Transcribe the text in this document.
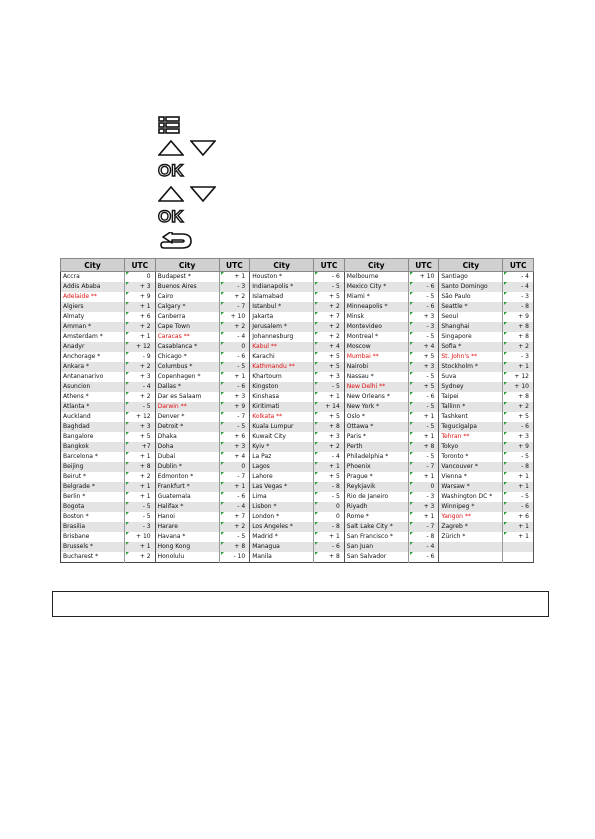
OK
OK
City	UTC	City	UTC	City	UTC	City	UTC	City	UTC
Accra	0	Budapest *	+ 1	Houston *	- 6	Melbourne	+ 10	Santiago	- 4
Addis Ababa	+ 3	Buenos Aires	- 3	Indianapolis *	- 5	Mexico City *	- 6	Santo Domingo	- 4
Adelaide **	+ 9	Cairo	+ 2	Islamabad	+ 5	Miami *	- 5	São Paulo	- 3
Algiers	+ 1	Calgary *	- 7	Istanbul *	+ 2	Minneapolis *	- 6	Seattle *	- 8
Almaty	+ 6	Canberra	+ 10	Jakarta	+ 7	Minsk	+ 3	Seoul	+ 9
Amman *	+ 2	Cape Town	+ 2	Jerusalem *	+ 2	Montevideo	- 3	Shanghai	+ 8
Amsterdam *	+ 1	Caracas **	- 4	Johannesburg	+ 2	Montreal *	- 5	Singapore	+ 8
Anadyr	+ 12	Casablanca *	0	Kabul **	+ 4	Moscow	+ 4	Sofia *	+ 2
Anchorage *	- 9	Chicago *	- 6	Karachi	+ 5	Mumbai **	+ 5	St. John's **	- 3
Ankara *	+ 2	Columbus *	- 5	Kathmandu **	+ 5	Nairobi	+ 3	Stockholm *	+ 1
Antananarivo	+ 3	Copenhagen *	+ 1	Khartoum	+ 3	Nassau *	- 5	Suva	+ 12
Asuncion	- 4	Dallas *	- 6	Kingston	- 5	New Delhi **	+ 5	Sydney	+ 10
Athens *	+ 2	Dar es Salaam	+ 3	Kinshasa	+ 1	New Orleans *	- 6	Taipei	+ 8
Atlanta *	- 5	Darwin **	+ 9	Kiritimati	+ 14	New York *	- 5	Tallinn *	+ 2
Auckland	+ 12	Denver *	- 7	Kolkata **	+ 5	Oslo *	+ 1	Tashkent	+ 5
Baghdad	+ 3	Detroit *	- 5	Kuala Lumpur	+ 8	Ottawa *	- 5	Tegucigalpa	- 6
Bangalore	+ 5	Dhaka	+ 6	Kuwait City	+ 3	Paris *	+ 1	Tehran **	+ 3
Bangkok	+7	Doha	+ 3	Kyiv *	+ 2	Perth	+ 8	Tokyo	+ 9
Barcelona *	+ 1	Dubai	+ 4	La Paz	- 4	Philadelphia *	- 5	Toronto *	- 5
Beijing	+ 8	Dublin *	0	Lagos	+ 1	Phoenix	- 7	Vancouver *	- 8
Beirut *	+ 2	Edmonton *	- 7	Lahore	+ 5	Prague *	+ 1	Vienna *	+ 1
Belgrade *	+ 1	Frankfurt *	+ 1	Las Vegas *	- 8	Reykjavik	0	Warsaw *	+ 1
Berlin *	+ 1	Guatemala	- 6	Lima	- 5	Rio de Janeiro	- 3	Washington DC *	- 5
Bogota	- 5	Halifax *	- 4	Lisbon *	0	Riyadh	+ 3	Winnipeg *	- 6
Boston *	- 5	Hanoi	+ 7	London *	0	Rome *	+ 1	Yangon **	+ 6
Brasilia	- 3	Harare	+ 2	Los Angeles *	- 8	Salt Lake City *	- 7	Zagreb *	+ 1
Brisbane	+ 10	Havana *	- 5	Madrid *	+ 1	San Francisco *	- 8	Zürich *	+ 1
Brussels *	+ 1	Hong Kong	+ 8	Managua	- 6	San Juan	- 4		
Bucharest *	+ 2	Honolulu	- 10	Manila	+ 8	San Salvador	- 6		
